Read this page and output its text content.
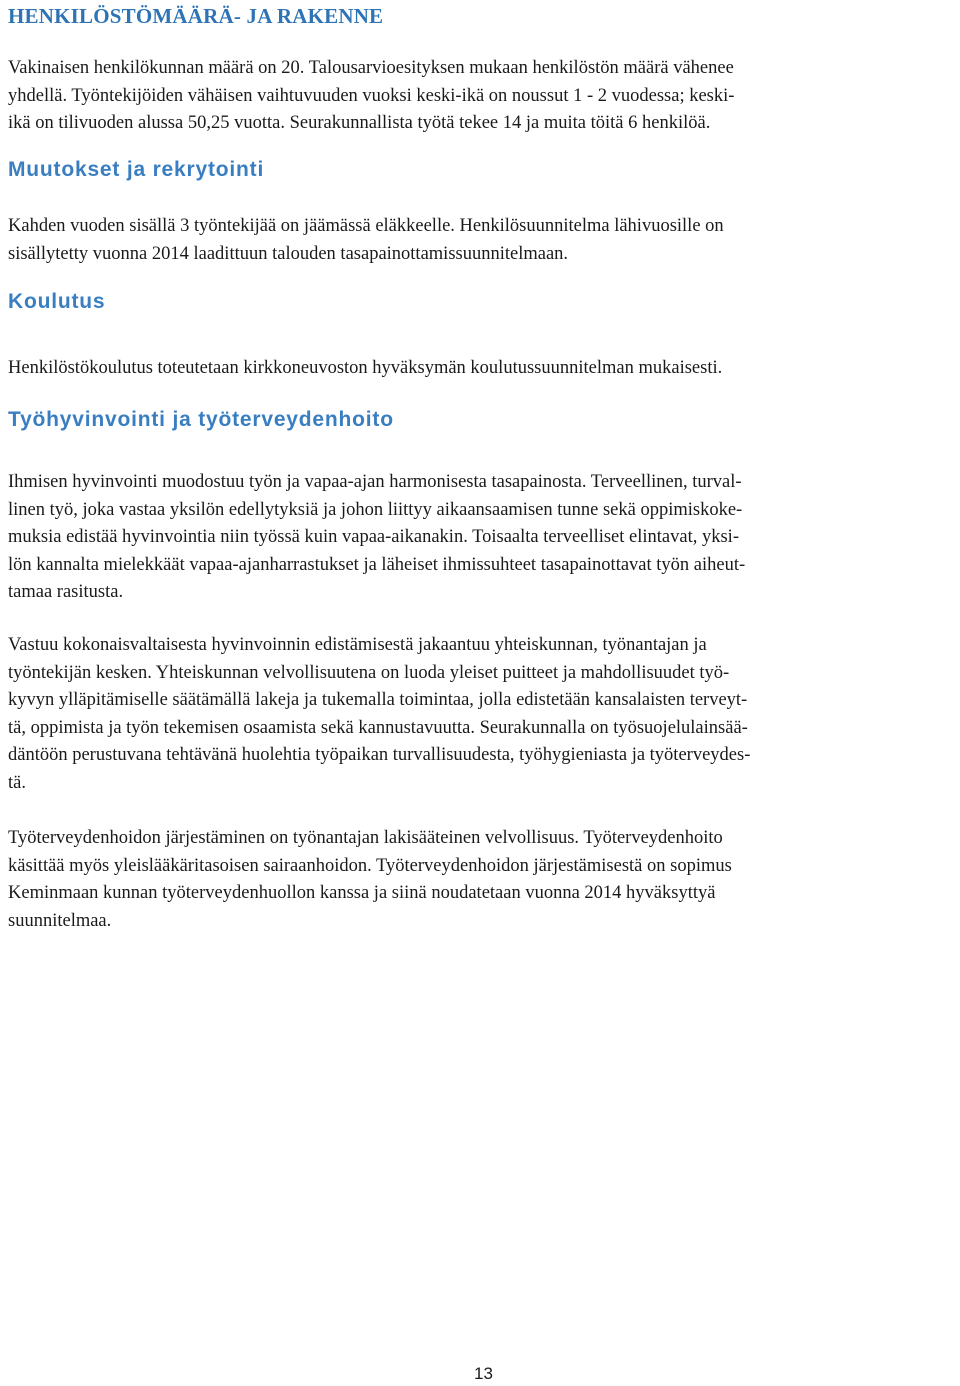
HENKILÖSTÖMÄÄRÄ- JA RAKENNE

Vakinaisen henkilökunnan määrä on 20. Talousarvioesityksen mukaan henkilöstön määrä vähenee
yhdellä. Työntekijöiden vähäisen vaihtuvuuden vuoksi keski-ikä on noussut 1 - 2 vuodessa; keski-
ikä on tilivuoden alussa 50,25 vuotta. Seurakunnallista työtä tekee 14 ja muita töitä 6 henkilöä.

Muutokset ja rekrytointi

Kahden vuoden sisällä 3 työntekijää on jäämässä eläkkeelle. Henkilösuunnitelma lähivuosille on
sisällytetty vuonna 2014 laadittuun talouden tasapainottamissuunnitelmaan.

Koulutus

Henkilöstökoulutus toteutetaan kirkkoneuvoston hyväksymän koulutussuunnitelman mukaisesti.

Työhyvinvointi ja työterveydenhoito

Ihmisen hyvinvointi muodostuu työn ja vapaa-ajan harmonisesta tasapainosta. Terveellinen, turval-
linen työ, joka vastaa yksilön edellytyksiä ja johon liittyy aikaansaamisen tunne sekä oppimiskoke-
muksia edistää hyvinvointia niin työssä kuin vapaa-aikanakin. Toisaalta terveelliset elintavat, yksi-
lön kannalta mielekkäät vapaa-ajanharrastukset ja läheiset ihmissuhteet tasapainottavat työn aiheut-
tamaa rasitusta.

Vastuu kokonaisvaltaisesta hyvinvoinnin edistämisestä jakaantuu yhteiskunnan, työnantajan ja
työntekijän kesken. Yhteiskunnan velvollisuutena on luoda yleiset puitteet ja mahdollisuudet työ-
kyvyn ylläpitämiselle säätämällä lakeja ja tukemalla toimintaa, jolla edistetään kansalaisten terveyt-
tä, oppimista ja työn tekemisen osaamista sekä kannustavuutta. Seurakunnalla on työsuojelulainsää-
däntöön perustuvana tehtävänä huolehtia työpaikan turvallisuudesta, työhygieniasta ja työterveydes-
tä.

Työterveydenhoidon järjestäminen on työnantajan lakisääteinen velvollisuus. Työterveydenhoito
käsittää myös yleislääkäritasoisen sairaanhoidon. Työterveydenhoidon järjestämisestä on sopimus
Keminmaan kunnan työterveydenhuollon kanssa ja siinä noudatetaan vuonna 2014 hyväksyttyä
suunnitelmaa.

13
